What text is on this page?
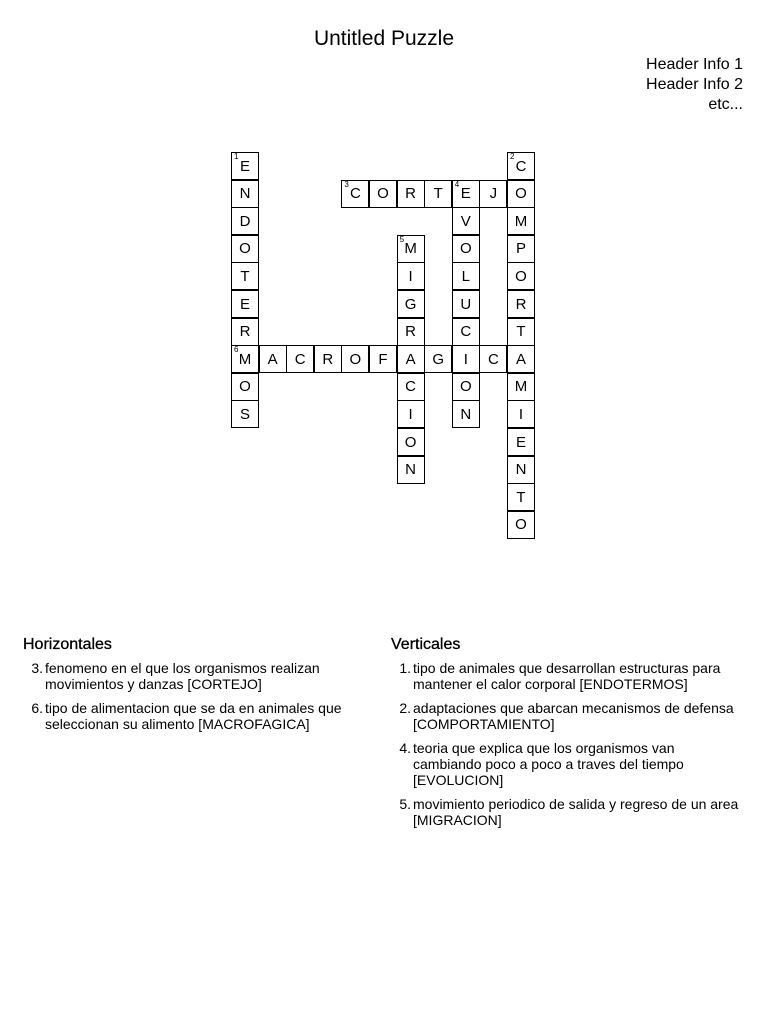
Untitled Puzzle
Header Info 1
Header Info 2
etc...
E
1
N
D
O
T
E
R
M
6
O
S
C
2
O
M
P
O
R
T
A
M
I
E
N
T
O
C
3
O R T E
4
J
V
O
L
U
C
I
O
N
M
5
I
G
R
A
C
I
O
N
A C R O F	G	C
Horizontales
3. fenomeno en el que los organismos realizan movimientos y danzas [CORTEJO]
6. tipo de alimentacion que se da en animales que seleccionan su alimento [MACROFAGICA]
Verticales
1. tipo de animales que desarrollan estructuras para mantener el calor corporal [ENDOTERMOS]
2. adaptaciones que abarcan mecanismos de defensa [COMPORTAMIENTO]
4. teoria que explica que los organismos van cambiando poco a poco a traves del tiempo [EVOLUCION]
5. movimiento periodico de salida y regreso de un area [MIGRACION]
